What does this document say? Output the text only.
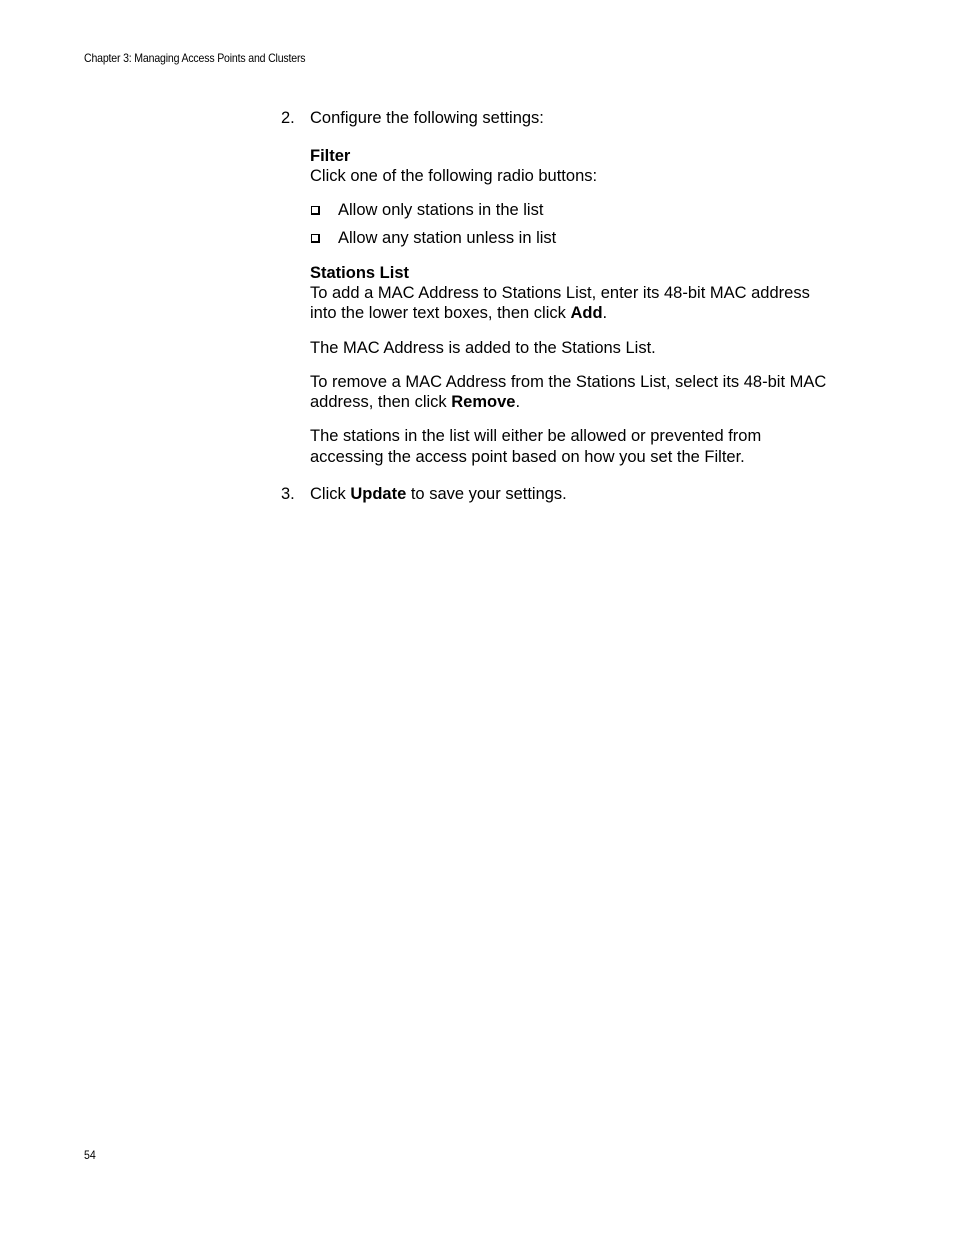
Chapter 3: Managing Access Points and Clusters
2. Configure the following settings:
Filter
Click one of the following radio buttons:
Allow only stations in the list
Allow any station unless in list
Stations List
To add a MAC Address to Stations List, enter its 48-bit MAC address
into the lower text boxes, then click Add.
The MAC Address is added to the Stations List.
To remove a MAC Address from the Stations List, select its 48-bit MAC
address, then click Remove.
The stations in the list will either be allowed or prevented from
accessing the access point based on how you set the Filter.
3. Click Update to save your settings.
54
